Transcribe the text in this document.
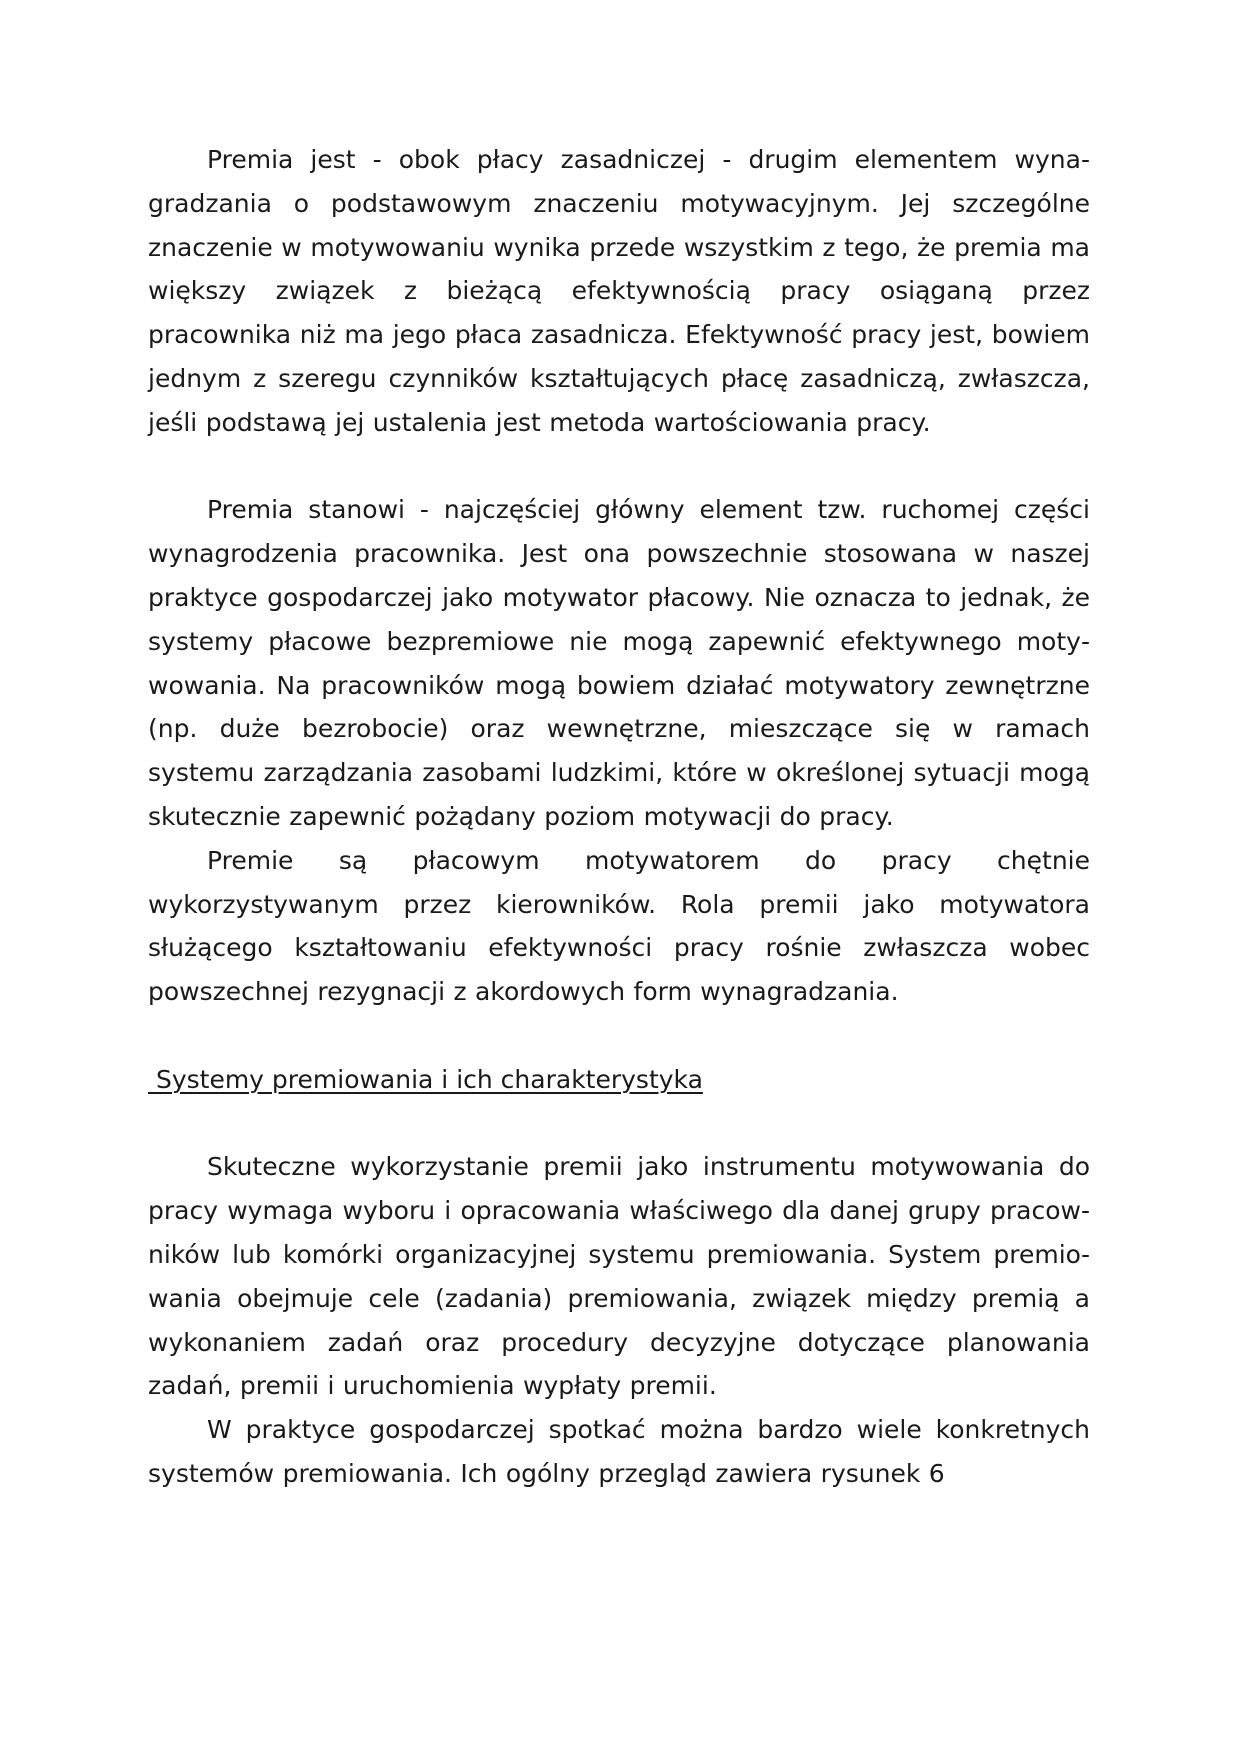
Premia jest - obok płacy zasadniczej - drugim elementem wynagradzania o podstawowym znaczeniu motywacyjnym. Jej szczególne znaczenie w motywowaniu wynika przede wszystkim z tego, że premia ma większy związek z bieżącą efektywnością pracy osiąganą przez pracownika niż ma jego płaca zasadnicza. Efektywność pracy jest, bowiem jednym z szeregu czynników kształtujących płacę zasadniczą, zwłaszcza, jeśli podstawą jej ustalenia jest metoda wartościowania pracy.

Premia stanowi - najczęściej główny element tzw. ruchomej części wynagrodzenia pracownika. Jest ona powszechnie stosowana w naszej praktyce gospodarczej jako motywator płacowy. Nie oznacza to jednak, że systemy płacowe bezpremiowe nie mogą zapewnić efektywnego motywowania. Na pracowników mogą bowiem działać motywatory zewnętrzne (np. duże bezrobocie) oraz wewnętrzne, mieszczące się w ramach systemu zarządzania zasobami ludzkimi, które w określonej sytuacji mogą skutecznie zapewnić pożądany poziom motywacji do pracy.

Premie są płacowym motywatorem do pracy chętnie wykorzystywanym przez kierowników. Rola premii jako motywatora służącego kształtowaniu efektywności pracy rośnie zwłaszcza wobec powszechnej rezygnacji z akordowych form wynagradzania.

Systemy premiowania i ich charakterystyka

Skuteczne wykorzystanie premii jako instrumentu motywowania do pracy wymaga wyboru i opracowania właściwego dla danej grupy pracowników lub komórki organizacyjnej systemu premiowania. System premiowania obejmuje cele (zadania) premiowania, związek między premią a wykonaniem zadań oraz procedury decyzyjne dotyczące planowania zadań, premii i uruchomienia wypłaty premii.

W praktyce gospodarczej spotkać można bardzo wiele konkretnych systemów premiowania. Ich ogólny przegląd zawiera rysunek 6
